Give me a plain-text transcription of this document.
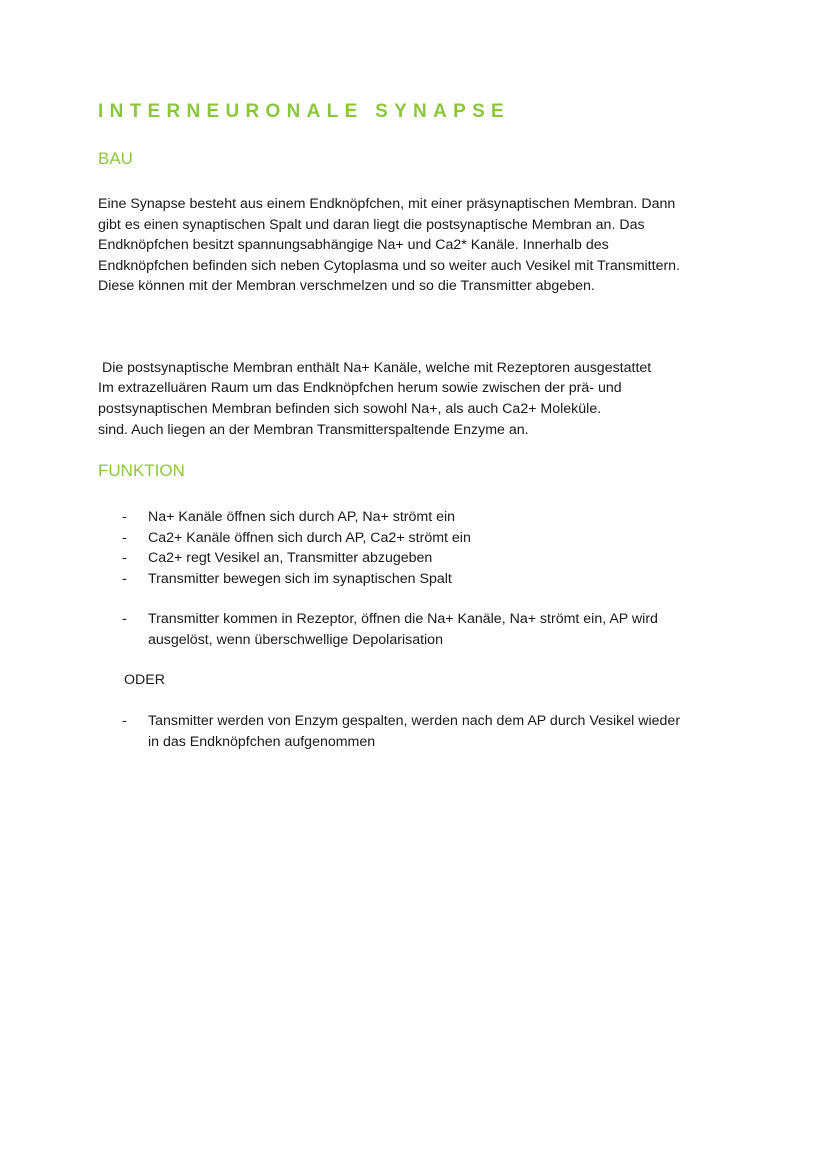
INTERNEURONALE SYNAPSE
BAU
Eine Synapse besteht aus einem Endknöpfchen, mit einer präsynaptischen Membran. Dann
gibt es einen synaptischen Spalt und daran liegt die postsynaptische Membran an. Das
Endknöpfchen besitzt spannungsabhängige Na+ und Ca2* Kanäle. Innerhalb des
Endknöpfchen befinden sich neben Cytoplasma und so weiter auch Vesikel mit Transmittern.
Diese können mit der Membran verschmelzen und so die Transmitter abgeben.

Die postsynaptische Membran enthält Na+ Kanäle, welche mit Rezeptoren ausgestattet

sind. Auch liegen an der Membran Transmitterspaltende Enzyme an.

Im extrazelluären Raum um das Endknöpfchen herum sowie zwischen der prä- und
postsynaptischen Membran befinden sich sowohl Na+, als auch Ca2+ Moleküle.
FUNKTION
- Na+ Kanäle öffnen sich durch AP, Na+ strömt ein
- Ca2+ Kanäle öffnen sich durch AP, Ca2+ strömt ein
- Ca2+ regt Vesikel an, Transmitter abzugeben
- Transmitter bewegen sich im synaptischen Spalt
- Transmitter kommen in Rezeptor, öffnen die Na+ Kanäle, Na+ strömt ein, AP wird
ausgelöst, wenn überschwellige Depolarisation
ODER
- Tansmitter werden von Enzym gespalten, werden nach dem AP durch Vesikel wieder
in das Endknöpfchen aufgenommen
